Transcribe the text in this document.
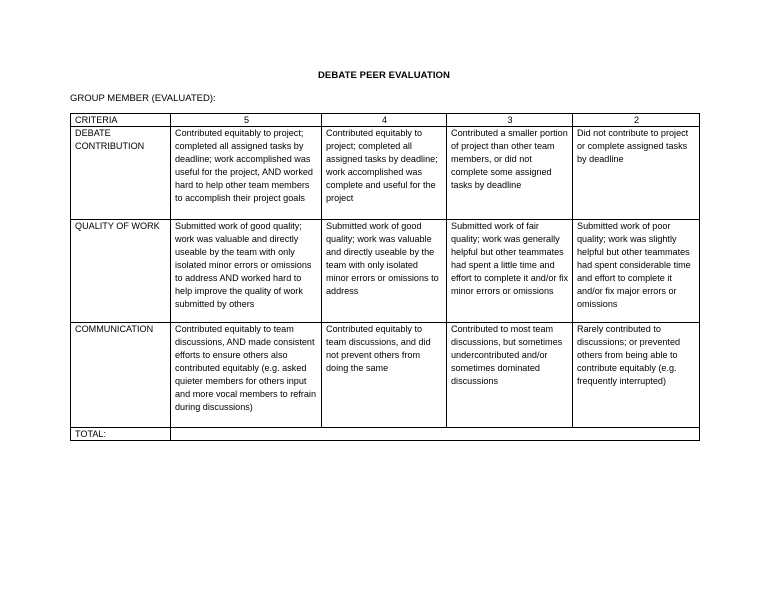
DEBATE PEER EVALUATION
GROUP MEMBER (EVALUATED):
CRITERIA	5	4	3	2
DEBATE CONTRIBUTION	Contributed equitably to project; completed all assigned tasks by deadline; work accomplished was useful for the project, AND worked hard to help other team members to accomplish their project goals	Contributed equitably to project; completed all assigned tasks by deadline; work accomplished was complete and useful for the project	Contributed a smaller portion of project than other team members, or did not complete some assigned tasks by deadline	Did not contribute to project or complete assigned tasks by deadline
QUALITY OF WORK	Submitted work of good quality; work was valuable and directly useable by the team with only isolated minor errors or omissions to address AND worked hard to help improve the quality of work submitted by others	Submitted work of good quality; work was valuable and directly useable by the team with only isolated minor errors or omissions to address	Submitted work of fair quality; work was generally helpful but other teammates had spent a little time and effort to complete it and/or fix minor errors or omissions	Submitted work of poor quality; work was slightly helpful but other teammates had spent considerable time and effort to complete it and/or fix major errors or omissions
COMMUNICATION	Contributed equitably to team discussions, AND made consistent efforts to ensure others also contributed equitably (e.g. asked quieter members for others input and more vocal members to refrain during discussions)	Contributed equitably to team discussions, and did not prevent others from doing the same	Contributed to most team discussions, but sometimes undercontributed and/or sometimes dominated discussions	Rarely contributed to discussions; or prevented others from being able to contribute equitably (e.g. frequently interrupted)
TOTAL:				
